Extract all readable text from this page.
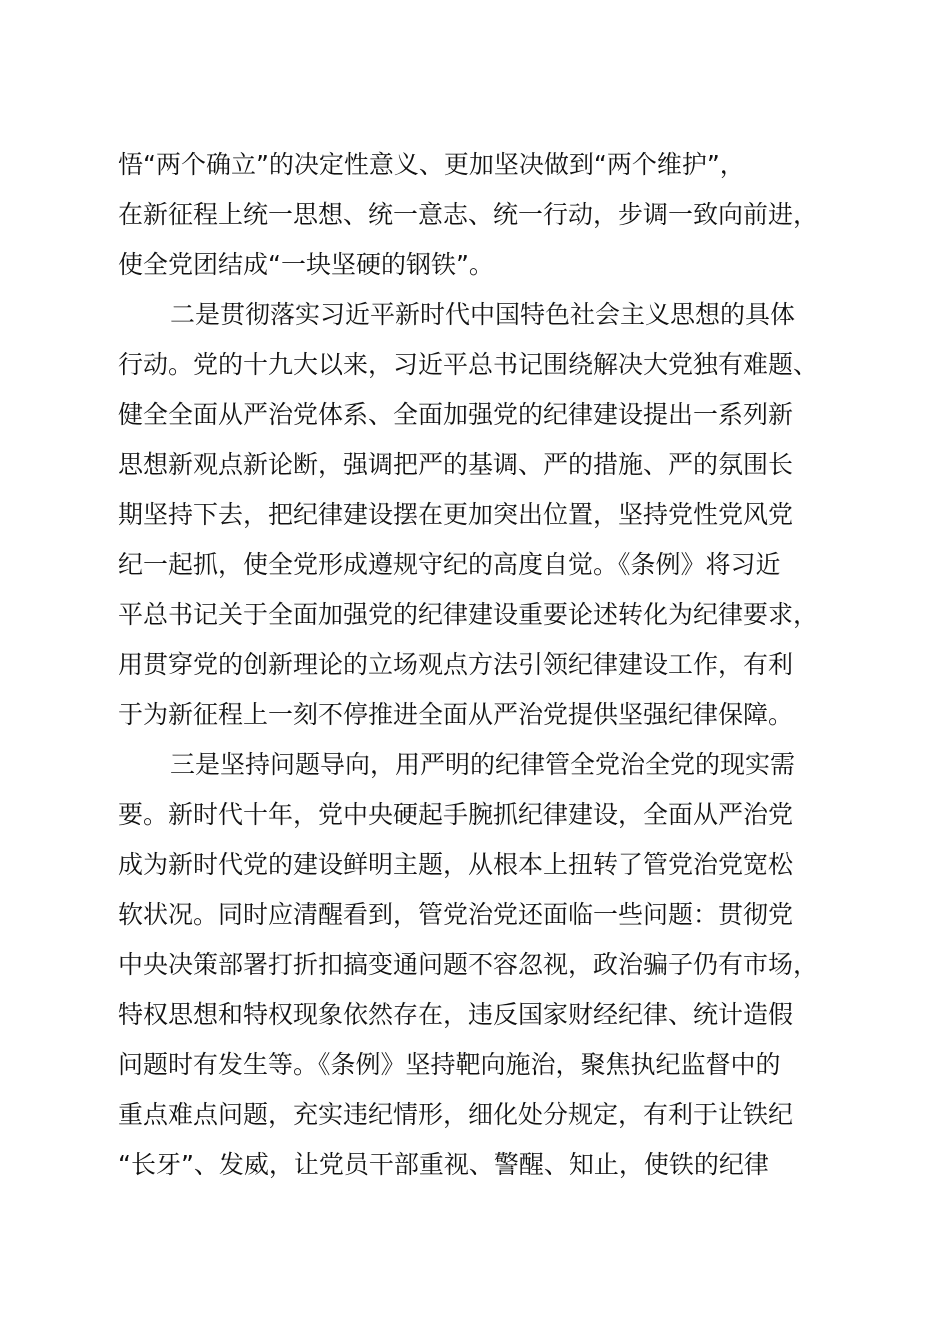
悟“两个确立”的决定性意义、更加坚决做到“两个维护”，
在新征程上统一思想、统一意志、统一行动，步调一致向前进，
使全党团结成“一块坚硬的钢铁”。
二是贯彻落实习近平新时代中国特色社会主义思想的具体
行动。党的十九大以来，习近平总书记围绕解决大党独有难题、
健全全面从严治党体系、全面加强党的纪律建设提出一系列新
思想新观点新论断，强调把严的基调、严的措施、严的氛围长
期坚持下去，把纪律建设摆在更加突出位置，坚持党性党风党
纪一起抓，使全党形成遵规守纪的高度自觉。《条例》将习近
平总书记关于全面加强党的纪律建设重要论述转化为纪律要求，
用贯穿党的创新理论的立场观点方法引领纪律建设工作，有利
于为新征程上一刻不停推进全面从严治党提供坚强纪律保障。
三是坚持问题导向，用严明的纪律管全党治全党的现实需
要。新时代十年，党中央硬起手腕抓纪律建设，全面从严治党
成为新时代党的建设鲜明主题，从根本上扭转了管党治党宽松
软状况。同时应清醒看到，管党治党还面临一些问题：贯彻党
中央决策部署打折扣搞变通问题不容忽视，政治骗子仍有市场，
特权思想和特权现象依然存在，违反国家财经纪律、统计造假
问题时有发生等。《条例》坚持靶向施治，聚焦执纪监督中的
重点难点问题，充实违纪情形，细化处分规定，有利于让铁纪
“长牙”、发威，让党员干部重视、警醒、知止，使铁的纪律
